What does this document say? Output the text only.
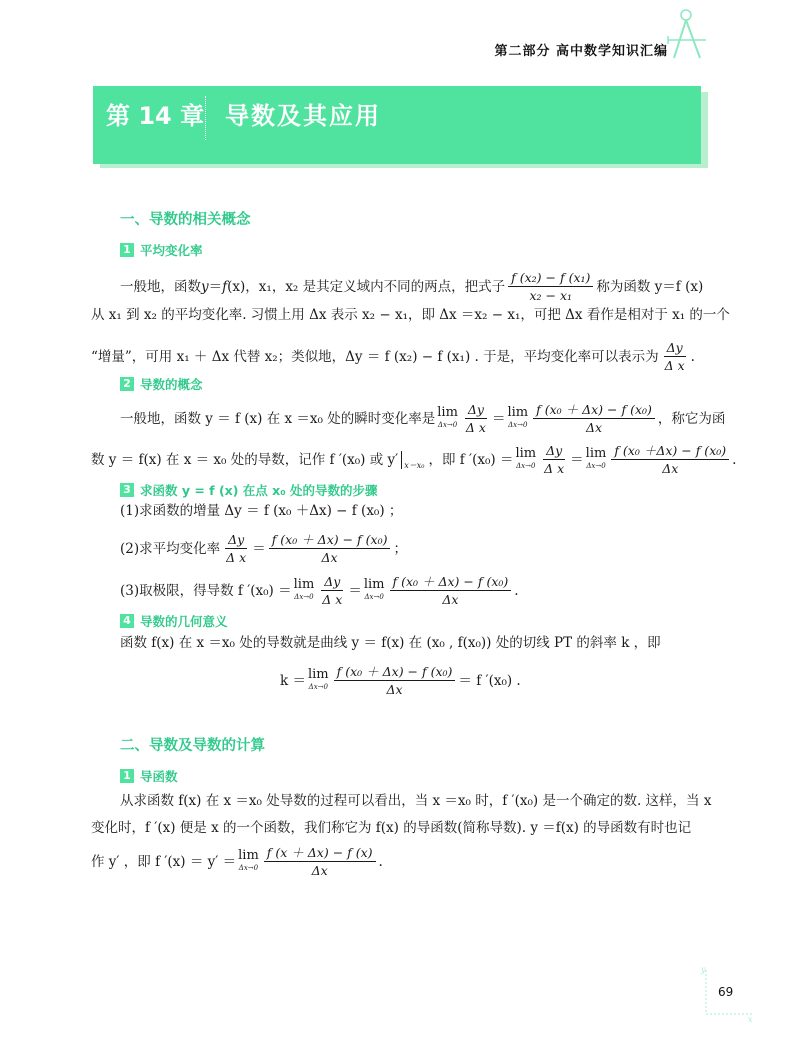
第二部分 高中数学知识汇编
第 14 章 导数及其应用
一、导数的相关概念
1 平均变化率
一般地，函数 y ＝ f (x)，x₁，x₂ 是其定义域内不同的两点，把式子 $\frac{\text{f (x₂) − f (x₁)}}{\text{x₂ − x₁}}$ 称为函数 y＝f (x)
从 x₁ 到 x₂ 的平均变化率. 习惯上用 Δx 表示 x₂ − x₁，即 Δx ＝x₂ − x₁，可把 Δx 看作是相对于 x₁ 的一个
“增量”，可用 x₁ ＋ Δx 代替 x₂；类似地，Δy ＝ f (x₂) − f (x₁) . 于是，平均变化率可以表示为 $\frac{\Delta y}{\text{Δ x}}$ .
2 导数的概念
一般地，函数 y ＝ f (x) 在 x ＝x₀ 处的瞬时变化率是 lim
$\Delta x\to 0 \frac{\Delta y}{\text{Δ x}} = \lim$
$\Delta x\to 0 \frac{\text{f (x₀ ＋ Δx) − f (x₀)}}{\Delta x}$ ，称它为函
数 y ＝ f(x) 在 x ＝ x₀ 处的导数，记作 f ′(x₀) 或 y′ x＝x₀ ，即 f ′(x₀) ＝ lim
$\Delta x\to 0 \frac{\Delta y}{\text{Δ x}} = \lim$
$\Delta x\to 0 \frac{\text{f (x₀ ＋Δx) − f (x₀)}}{\Delta x}$ .
3 求函数 y = f (x) 在点 x₀ 处的导数的步骤
(1)求函数的增量 Δy ＝ f (x₀ ＋Δx) − f (x₀) ；
(2)求平均变化率 $\frac{\Delta y}{\text{Δ x}} = \frac{\text{f (x₀ ＋ Δx) − f (x₀)}}{\Delta x}$ ；
(3)取极限，得导数 f ′(x₀) ＝ lim
$\Delta x\to 0 \frac{\Delta y}{\text{Δ x}} = \lim$
$\Delta x\to 0 \frac{\text{f (x₀ ＋ Δx) − f (x₀)}}{\Delta x}$ .
4 导数的几何意义
函数 f(x) 在 x ＝x₀ 处的导数就是曲线 y ＝ f(x) 在 (x₀ , f(x₀)) 处的切线 PT 的斜率 k ，即
k ＝ lim
$\Delta x\to 0 \frac{\text{f (x₀ ＋ Δx) − f (x₀)}}{\Delta x} = f$ ′(x₀) .
二、导数及导数的计算
1 导函数
从求函数 f(x) 在 x ＝x₀ 处导数的过程可以看出，当 x ＝x₀ 时，f ′(x₀) 是一个确定的数. 这样，当 x
变化时，f ′(x) 便是 x 的一个函数，我们称它为 f(x) 的导函数(简称导数). y ＝f(x) 的导函数有时也记
作 y′ ，即 f ′(x) ＝ y′ ＝ lim
$\Delta x\to 0 \frac{f (x + \Delta x) - f (x)}{\Delta x}$ .
y
x
69
